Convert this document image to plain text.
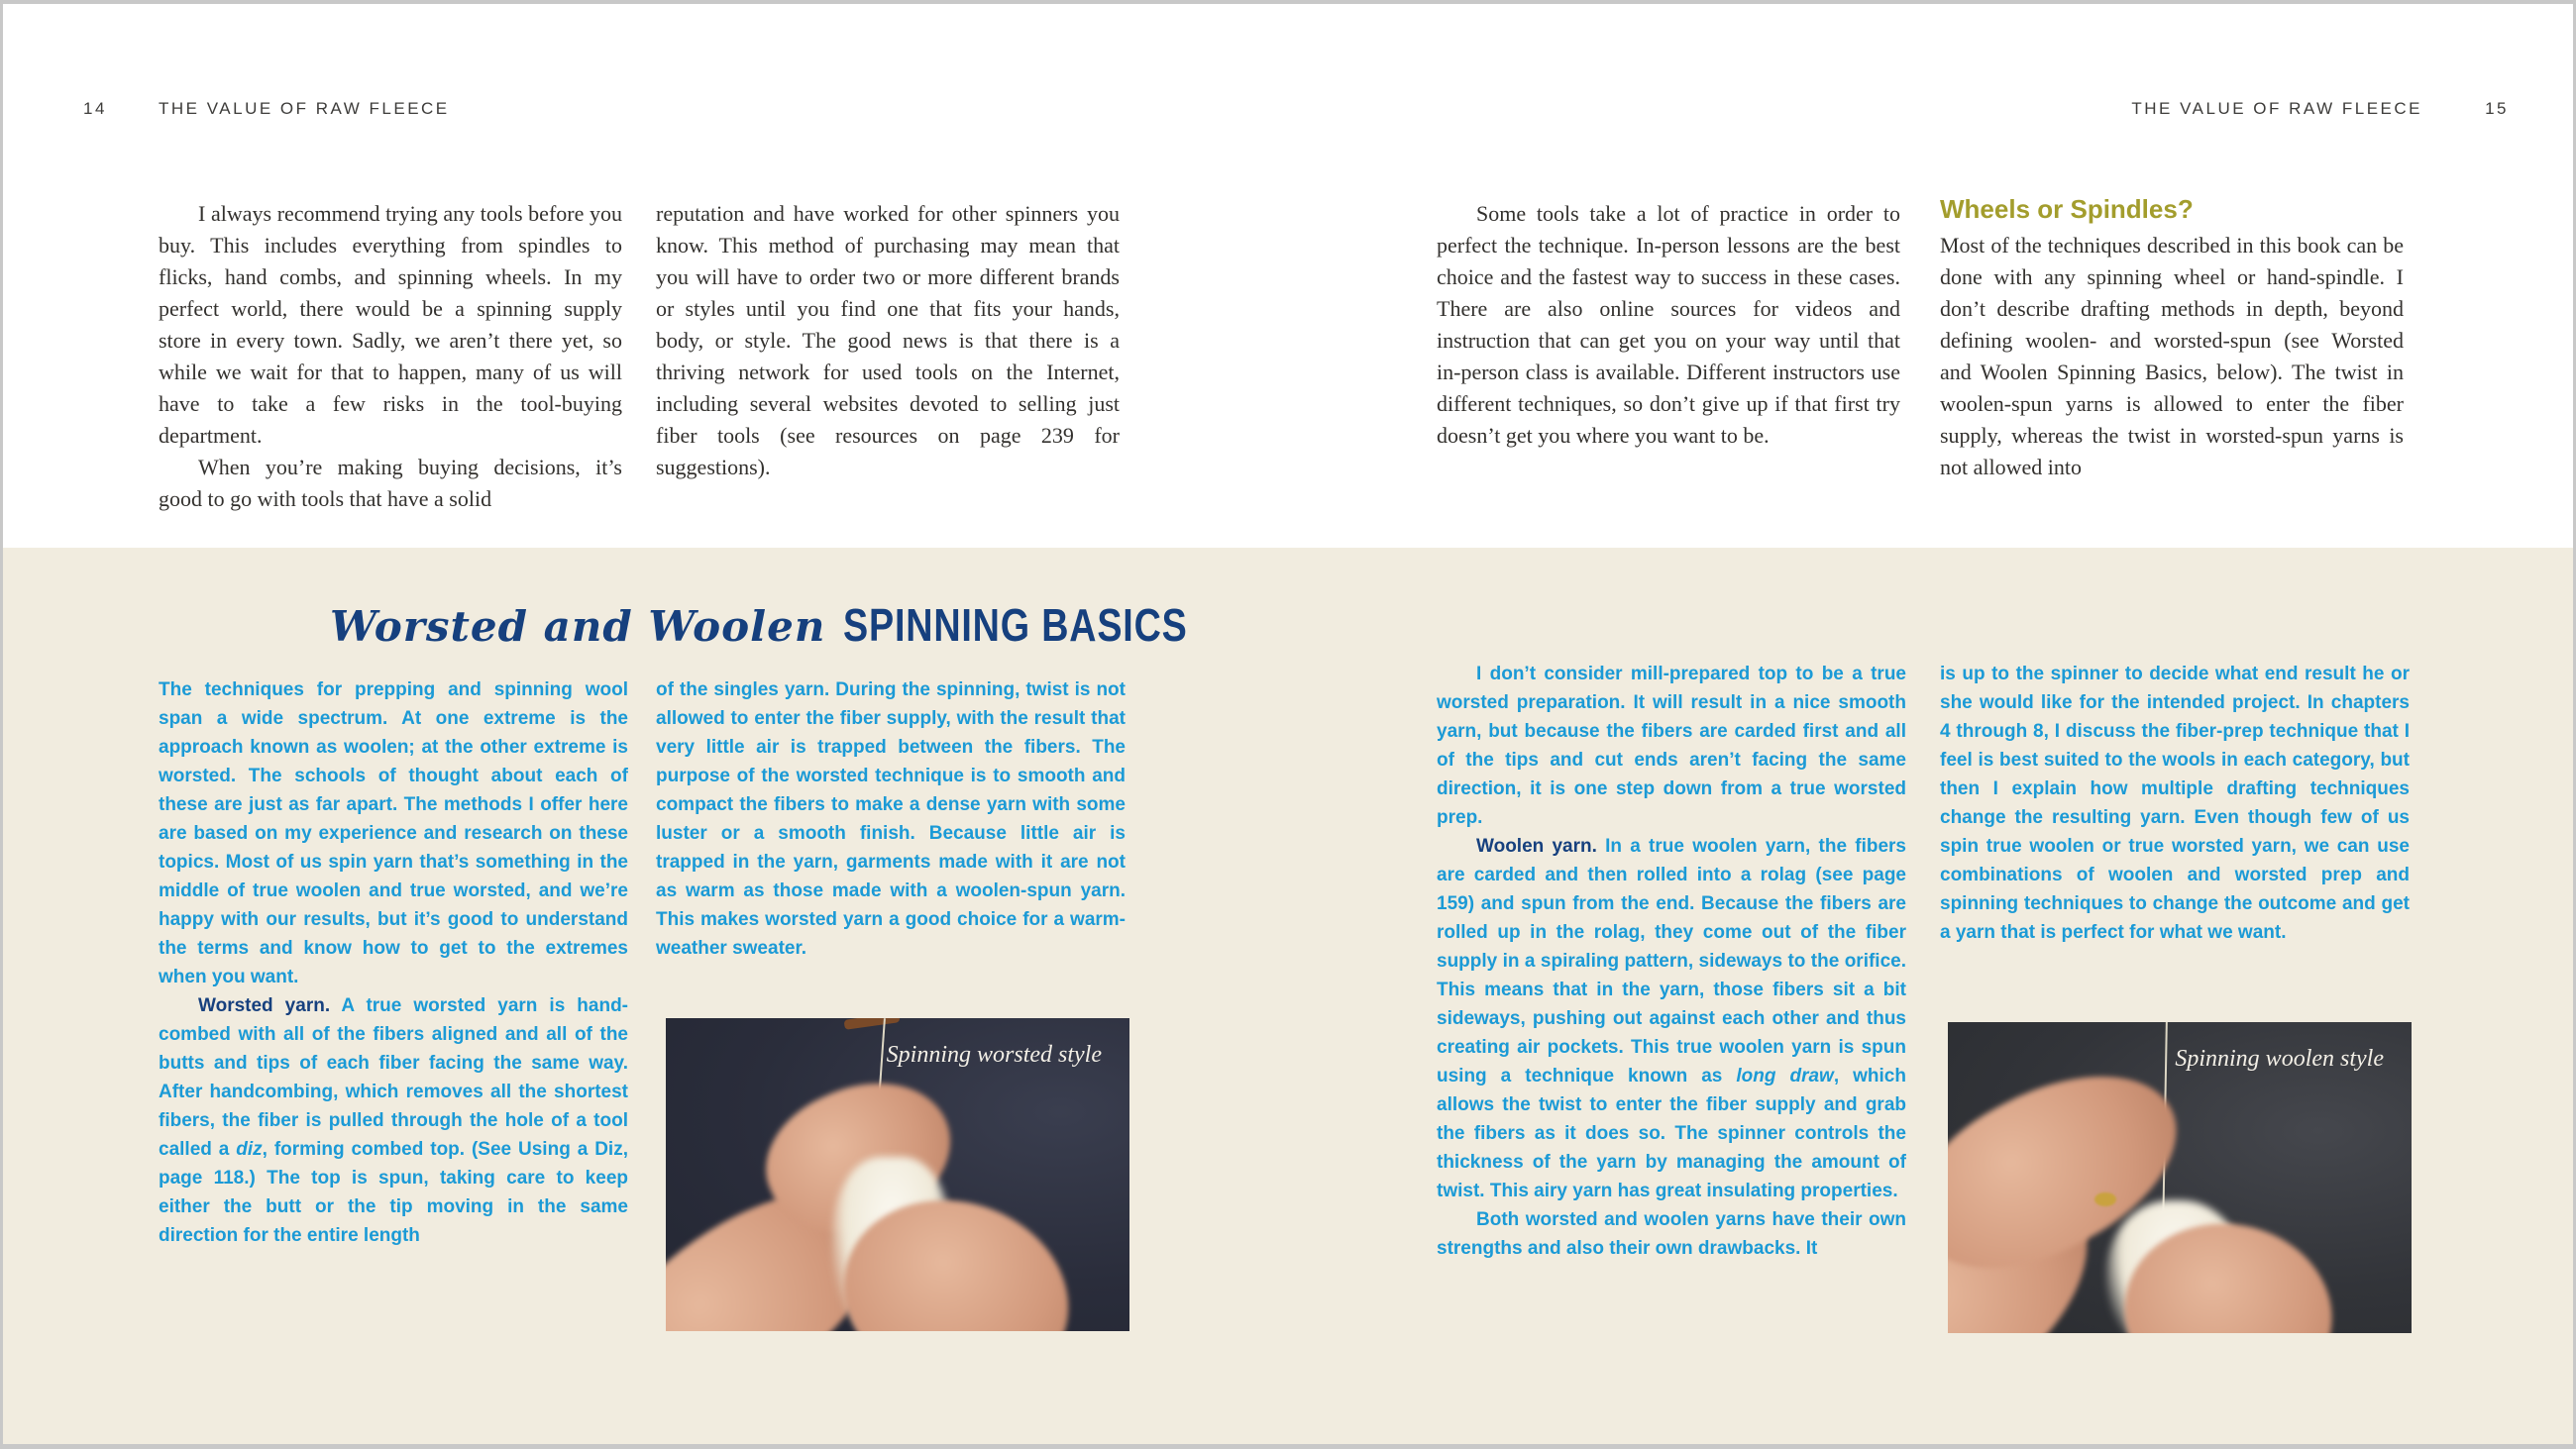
14	THE VALUE OF RAW FLEECE	THE VALUE OF RAW FLEECE	15

I always recommend trying any tools before you buy. This includes everything from spindles to flicks, hand combs, and spinning wheels. In my perfect world, there would be a spinning supply store in every town. Sadly, we aren’t there yet, so while we wait for that to happen, many of us will have to take a few risks in the tool-buying department.

When you’re making buying decisions, it’s good to go with tools that have a solid

reputation and have worked for other spinners you know. This method of purchasing may mean that you will have to order two or more different brands or styles until you find one that fits your hands, body, or style. The good news is that there is a thriving network for used tools on the Internet, including several websites devoted to selling just fiber tools (see resources on page 239 for suggestions).

Some tools take a lot of practice in order to perfect the technique. In-person lessons are the best choice and the fastest way to success in these cases. There are also online sources for videos and instruction that can get you on your way until that in-person class is available. Different instructors use different techniques, so don’t give up if that first try doesn’t get you where you want to be.

Wheels or Spindles?

Most of the techniques described in this book can be done with any spinning wheel or hand-spindle. I don’t describe drafting methods in depth, beyond defining woolen- and worsted-spun (see Worsted and Woolen Spinning Basics, below). The twist in woolen-spun yarns is allowed to enter the fiber supply, whereas the twist in worsted-spun yarns is not allowed into

Worsted and Woolen SPINNING BASICS

The techniques for prepping and spinning wool span a wide spectrum. At one extreme is the approach known as woolen; at the other extreme is worsted. The schools of thought about each of these are just as far apart. The methods I offer here are based on my experience and research on these topics. Most of us spin yarn that’s something in the middle of true woolen and true worsted, and we’re happy with our results, but it’s good to understand the terms and know how to get to the extremes when you want.

Worsted yarn. A true worsted yarn is hand-combed with all of the fibers aligned and all of the butts and tips of each fiber facing the same way. After handcombing, which removes all the shortest fibers, the fiber is pulled through the hole of a tool called a diz, forming combed top. (See Using a Diz, page 118.) The top is spun, taking care to keep either the butt or the tip moving in the same direction for the entire length

of the singles yarn. During the spinning, twist is not allowed to enter the fiber supply, with the result that very little air is trapped between the fibers. The purpose of the worsted technique is to smooth and compact the fibers to make a dense yarn with some luster or a smooth finish. Because little air is trapped in the yarn, garments made with it are not as warm as those made with a woolen-spun yarn. This makes worsted yarn a good choice for a warm-weather sweater.

I don’t consider mill-prepared top to be a true worsted preparation. It will result in a nice smooth yarn, but because the fibers are carded first and all of the tips and cut ends aren’t facing the same direction, it is one step down from a true worsted prep.

Woolen yarn. In a true woolen yarn, the fibers are carded and then rolled into a rolag (see page 159) and spun from the end. Because the fibers are rolled up in the rolag, they come out of the fiber supply in a spiraling pattern, sideways to the orifice. This means that in the yarn, those fibers sit a bit sideways, pushing out against each other and thus creating air pockets. This true woolen yarn is spun using a technique known as long draw, which allows the twist to enter the fiber supply and grab the fibers as it does so. The spinner controls the thickness of the yarn by managing the amount of twist. This airy yarn has great insulating properties.

Both worsted and woolen yarns have their own strengths and also their own drawbacks. It

is up to the spinner to decide what end result he or she would like for the intended project. In chapters 4 through 8, I discuss the fiber-prep technique that I feel is best suited to the wools in each category, but then I explain how multiple drafting techniques change the resulting yarn. Even though few of us spin true woolen or true worsted yarn, we can use combinations of woolen and worsted prep and spinning techniques to change the outcome and get a yarn that is perfect for what we want.

Spinning worsted style	Spinning woolen style
